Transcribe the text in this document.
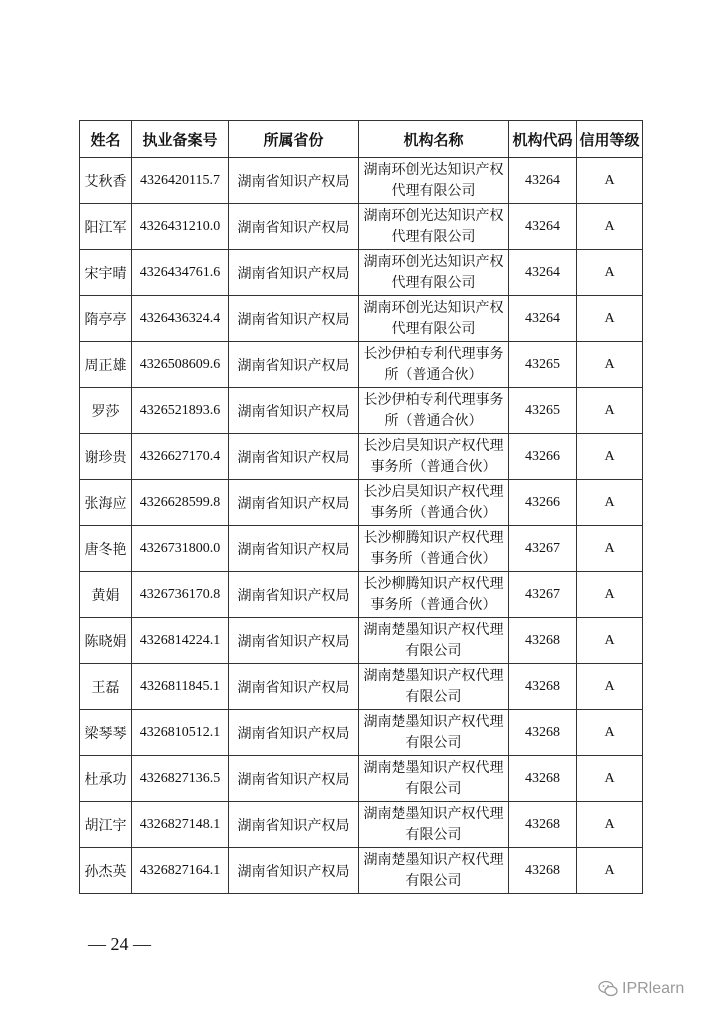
姓名	执业备案号	所属省份	机构名称	机构代码	信用等级
艾秋香	4326420115.7	湖南省知识产权局	湖南环创光达知识产权
代理有限公司	43264	A
阳江军	4326431210.0	湖南省知识产权局	湖南环创光达知识产权
代理有限公司	43264	A
宋宇晴	4326434761.6	湖南省知识产权局	湖南环创光达知识产权
代理有限公司	43264	A
隋亭亭	4326436324.4	湖南省知识产权局	湖南环创光达知识产权
代理有限公司	43264	A
周正雄	4326508609.6	湖南省知识产权局	长沙伊柏专利代理事务
所（普通合伙）	43265	A
罗莎	4326521893.6	湖南省知识产权局	长沙伊柏专利代理事务
所（普通合伙）	43265	A
谢珍贵	4326627170.4	湖南省知识产权局	长沙启昊知识产权代理
事务所（普通合伙）	43266	A
张海应	4326628599.8	湖南省知识产权局	长沙启昊知识产权代理
事务所（普通合伙）	43266	A
唐冬艳	4326731800.0	湖南省知识产权局	长沙柳腾知识产权代理
事务所（普通合伙）	43267	A
黄娟	4326736170.8	湖南省知识产权局	长沙柳腾知识产权代理
事务所（普通合伙）	43267	A
陈晓娟	4326814224.1	湖南省知识产权局	湖南楚墨知识产权代理
有限公司	43268	A
王磊	4326811845.1	湖南省知识产权局	湖南楚墨知识产权代理
有限公司	43268	A
梁琴琴	4326810512.1	湖南省知识产权局	湖南楚墨知识产权代理
有限公司	43268	A
杜承功	4326827136.5	湖南省知识产权局	湖南楚墨知识产权代理
有限公司	43268	A
胡江宇	4326827148.1	湖南省知识产权局	湖南楚墨知识产权代理
有限公司	43268	A
孙杰英	4326827164.1	湖南省知识产权局	湖南楚墨知识产权代理
有限公司	43268	A
— 24 —
IPRlearn
